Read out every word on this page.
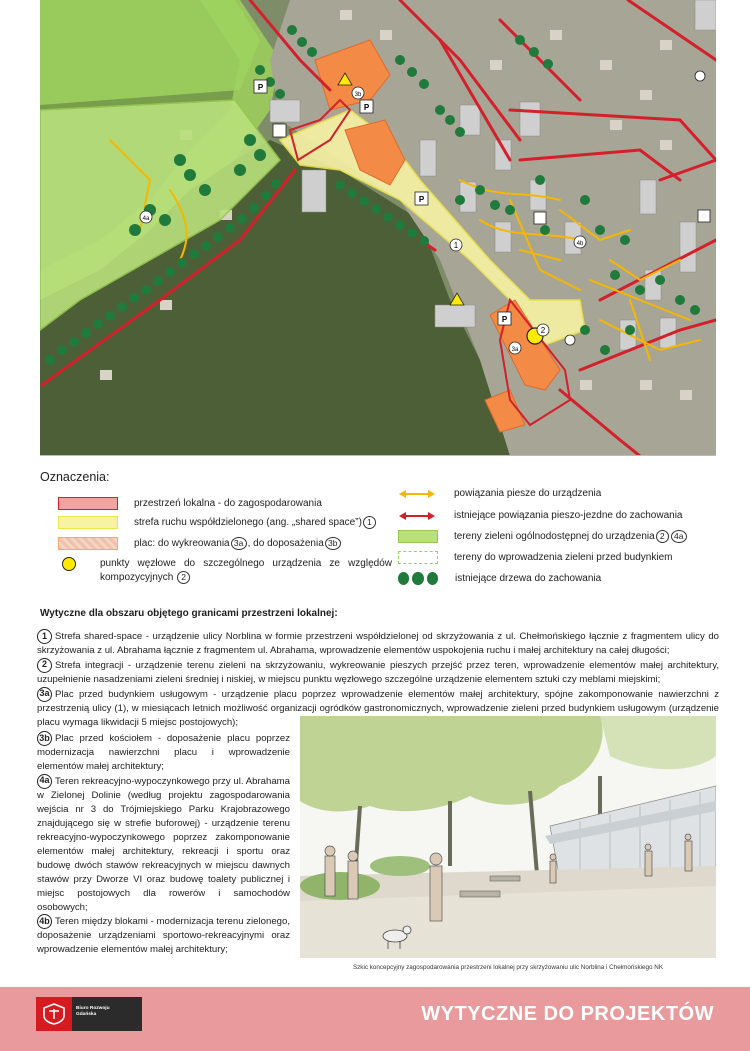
1
2
3a
3b
4a
4b
P
P
P
P
Oznaczenia:
przestrzeń lokalna - do zagospodarowania
strefa ruchu współdzielonego (ang. „shared space”) 1
plac: do wykreowania 3a , do doposażenia 3b
punkty węzłowe do szczególnego urządzenia ze względów kompozycyjnych 2
powiązania piesze do urządzenia
istniejące powiązania pieszo-jezdne do zachowania
tereny zieleni ogólnodostępnej do urządzenia 2	4a
tereny do wprowadzenia zieleni przed budynkiem
istniejące drzewa do zachowania
Wytyczne dla obszaru objętego granicami przestrzeni lokalnej:

1 Strefa shared-space - urządzenie ulicy Norblina w formie przestrzeni współdzielonej od skrzyżowania z ul. Chełmońskiego łącznie z fragmentem ulicy do skrzyżowania z ul. Abrahama łącznie z fragmentem ul. Abrahama, wprowadzenie elementów uspokojenia ruchu i małej architektury na całej długości;

2 Strefa integracji - urządzenie terenu zieleni na skrzyżowaniu, wykreowanie pieszych przejść przez teren, wprowadzenie elementów małej architektury, uzupełnienie nasadzeniami zieleni średniej i niskiej, w miejscu punktu węzłowego szczególne urządzenie elementem sztuki czy meblami miejskimi;

3a Plac przed budynkiem usługowym - urządzenie placu poprzez wprowadzenie elementów małej architektury, spójne zakomponowanie nawierzchni z przestrzenią ulicy (1), w miesiącach letnich możliwość organizacji ogródków gastronomicznych, wprowadzenie zieleni przed budynkiem usługowym (urządzenie placu wymaga likwidacji 5 miejsc postojowych);

3b Plac przed kościołem - doposażenie placu poprzez modernizacja nawierzchni placu i wprowadzenie elementów małej architektury;

4a Teren rekreacyjno-wypoczynkowego przy ul. Abrahama w Zielonej Dolinie (według projektu zagospodarowania wejścia nr 3 do Trójmiejskiego Parku Krajobrazowego znajdującego się w strefie buforowej) - urządzenie terenu rekreacyjno-wypoczynkowego poprzez zakomponowanie elementów małej architektury, rekreacji i sportu oraz budowę dwóch stawów rekreacyjnych w miejscu dawnych stawów przy Dworze VI oraz budowę toalety publicznej i miejsc postojowych dla rowerów i samochodów osobowych;

4b Teren między blokami - modernizacja terenu zielonego, doposażenie urządzeniami sportowo-rekreacyjnymi oraz wprowadzenie elementów małej architektury;

Szkic koncepcyjny zagospodarowania przestrzeni lokalnej przy skrzyżowaniu ulic Norblina i Chełmońskiego NK
Biuro Rozwoju
Gdańska	WYTYCZNE DO PROJEKTÓW
